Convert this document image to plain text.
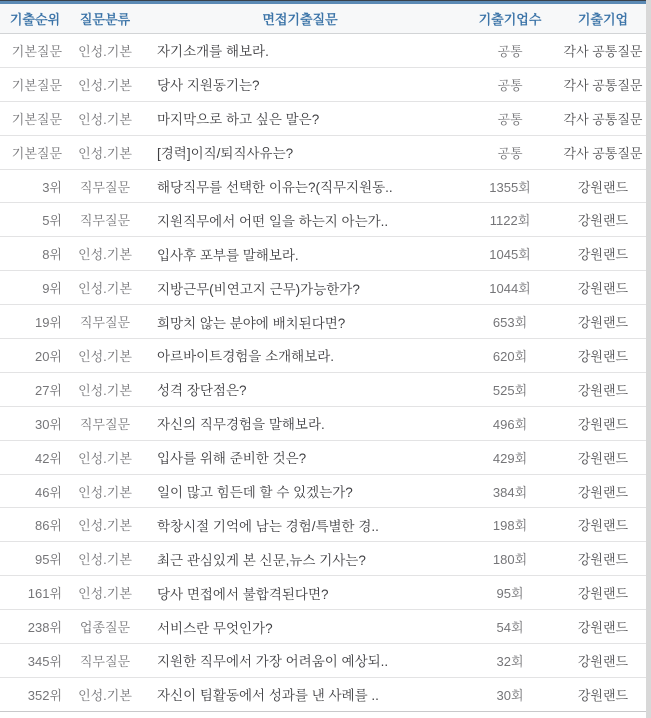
기출순위	질문분류	면접기출질문	기출기업수	기출기업
기본질문	인성.기본	자기소개를 해보라.	공통	각사 공통질문
기본질문	인성.기본	당사 지원동기는?	공통	각사 공통질문
기본질문	인성.기본	마지막으로 하고 싶은 말은?	공통	각사 공통질문
기본질문	인성.기본	[경력]이직/퇴직사유는?	공통	각사 공통질문
3위	직무질문	해당직무를 선택한 이유는?(직무지원동..	1355회	강원랜드
5위	직무질문	지원직무에서 어떤 일을 하는지 아는가..	1122회	강원랜드
8위	인성.기본	입사후 포부를 말해보라.	1045회	강원랜드
9위	인성.기본	지방근무(비연고지 근무)가능한가?	1044회	강원랜드
19위	직무질문	희망치 않는 분야에 배치된다면?	653회	강원랜드
20위	인성.기본	아르바이트경험을 소개해보라.	620회	강원랜드
27위	인성.기본	성격 장단점은?	525회	강원랜드
30위	직무질문	자신의 직무경험을 말해보라.	496회	강원랜드
42위	인성.기본	입사를 위해 준비한 것은?	429회	강원랜드
46위	인성.기본	일이 많고 힘든데 할 수 있겠는가?	384회	강원랜드
86위	인성.기본	학창시절 기억에 남는 경험/특별한 경..	198회	강원랜드
95위	인성.기본	최근 관심있게 본 신문,뉴스 기사는?	180회	강원랜드
161위	인성.기본	당사 면접에서 불합격된다면?	95회	강원랜드
238위	업종질문	서비스란 무엇인가?	54회	강원랜드
345위	직무질문	지원한 직무에서 가장 어려움이 예상되..	32회	강원랜드
352위	인성.기본	자신이 팀활동에서 성과를 낸 사례를 ..	30회	강원랜드
